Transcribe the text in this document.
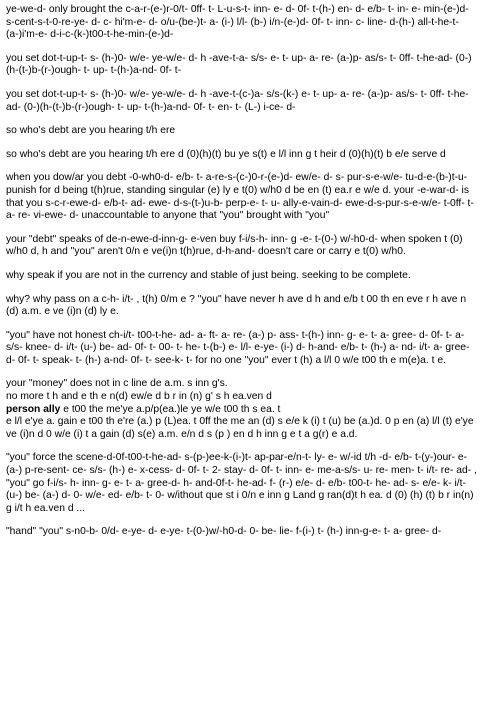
ye-we-d- only brought the c-a-r-(e-)r-0/t- 0ff- t- L-u-s-t- inn- e- d- 0f- t-(h-) en- d- e/b- t- in- e- min-(e-)d- s-cent-s-t-0-re-ye- d- c- hi'm-e- d- o/u-(be-)t- a- (i-) l/l- (b-) i/n-(e-)d- 0f- t- inn- c- line- d-(h-) all-t-he-t- (a-)i'm-e- d-i-c-(k-)t00-t-he-min-(e-)d-

you set dot-t-up-t- s- (h-)0- w/e- ye-w/e- d- h -ave-t-a- s/s- e- t- up- a- re- (a-)p- as/s- t- 0ff- t-he-ad- (0-)(h-(t-)b-(r-)ough- t- up- t-(h-)a-nd- 0f- t-

you set dot-t-up-t- s- (h-)0- w/e- ye-w/e- d- h -ave-t-(c-)a- s/s-(k-) e- t- up- a- re- (a-)p- as/s- t- 0ff- t-he-ad- (0-)(h-(t-)b-(r-)ough- t- up- t-(h-)a-nd- 0f- t- en- t- (L-) i-ce- d-

so who's debt are you hearing t/h ere

so who's debt are you hearing t/h ere d (0)(h)(t) bu ye s(t) e l/l inn g t heir d (0)(h)(t) b e/e serve d

when you dow/ar you debt -0-wh0-d- e/b- t- a-re-s-(c-)0-r-(e-)d- ew/e- d- s- pur-s-e-w/e- tu-d-e-(b-)t-u- punish for d being t(h)rue, standing singular (e) ly e t(0) w/h0 d be en (t) ea.r e w/e d. your -e-war-d- is that you s-c-r-ewe-d- e/b-t- ad- ewe- d-s-(t-)u-b- perp-e- t- u- ally-e-vain-d- ewe-d-s-pur-s-e-w/e- t-0ff- t- a- re- vi-ewe- d- unaccountable to anyone that "you" brought with "you"

your "debt" speaks of de-n-ewe-d-inn-g- e-ven buy f-i/s-h- inn- g -e- t-(0-) w/-h0-d- when spoken t (0) w/h0 d, h and "you" aren't 0/n e ve(i)n t(h)rue, d-h-and- doesn't care or carry e t(0) w/h0.

why speak if you are not in the currency and stable of just being. seeking to be complete.

why? why pass on a c-h- i/t- , t(h) 0/m e ? "you" have never h ave d h and e/b t 00 th en eve r h ave n (d) a.m. e ve (i)n (d) ly e.

"you" have not honest ch-i/t- t00-t-he- ad- a- ft- a- re- (a-) p- ass- t-(h-) inn- g- e- t- a- gree- d- 0f- t- a- s/s- knee- d- i/t- (u-) be- ad- 0f- t- 00- t- he- t-(b-) e- l/l- e-ye- (i-) d- h-and- e/b- t- (h-) a- nd- i/t- a- gree- d- 0f- t- speak- t- (h-) a-nd- 0f- t- see-k- t- for no one "you" ever t (h) a l/l 0 w/e t00 th e m(e)a. t e.

your "money" does not in c line de a.m. s inn g's.
no more t h and e th e n(d) ew/e d b r in (n) g' s h ea.ven d
person ally e t00 the me'ye a.p/p(ea.)le ye w/e t00 th s ea. t
e l/l e'ye a. gain e t00 th e're (a.) p (L)ea. t 0ff the me an (d) s e/e k (i) t (u) be (a.)d. 0 p en (a) l/l (t) e'ye ve (i)n d 0 w/e (i) t a gain (d) s(e) a.m. e/n d s (p ) en d h inn g e t a g(r) e a.d.

"you" force the scene-d-0f-t00-t-he-ad- s-(p-)ee-k-(i-)t- ap-par-e/n-t- ly- e- w/-id t/h -d- e/b- t-(y-)our- e- (a-) p-re-sent- ce- s/s- (h-) e- x-cess- d- 0f- t- 2- stay- d- 0f- t- inn- e- me-a-s/s- u- re- men- t- i/t- re- ad- , "you" go f-i/s- h- inn- g- e- t- a- gree-d- h- and-0f-t- he-ad- f- (r-) e/e- d- e/b- t00-t- he- ad- s- e/e- k- i/t- (u-) be- (a-) d- 0- w/e- ed- e/b- t- 0- w/ithout que st i 0/n e inn g Land g ran(d)t h ea. d (0) (h) (t) b r in(n) g i/t h ea.ven d ...

"hand" "you" s-n0-b- 0/d- e-ye- d- e-ye- t-(0-)w/-h0-d- 0- be- lie- f-(i-) t- (h-) inn-g-e- t- a- gree- d-
